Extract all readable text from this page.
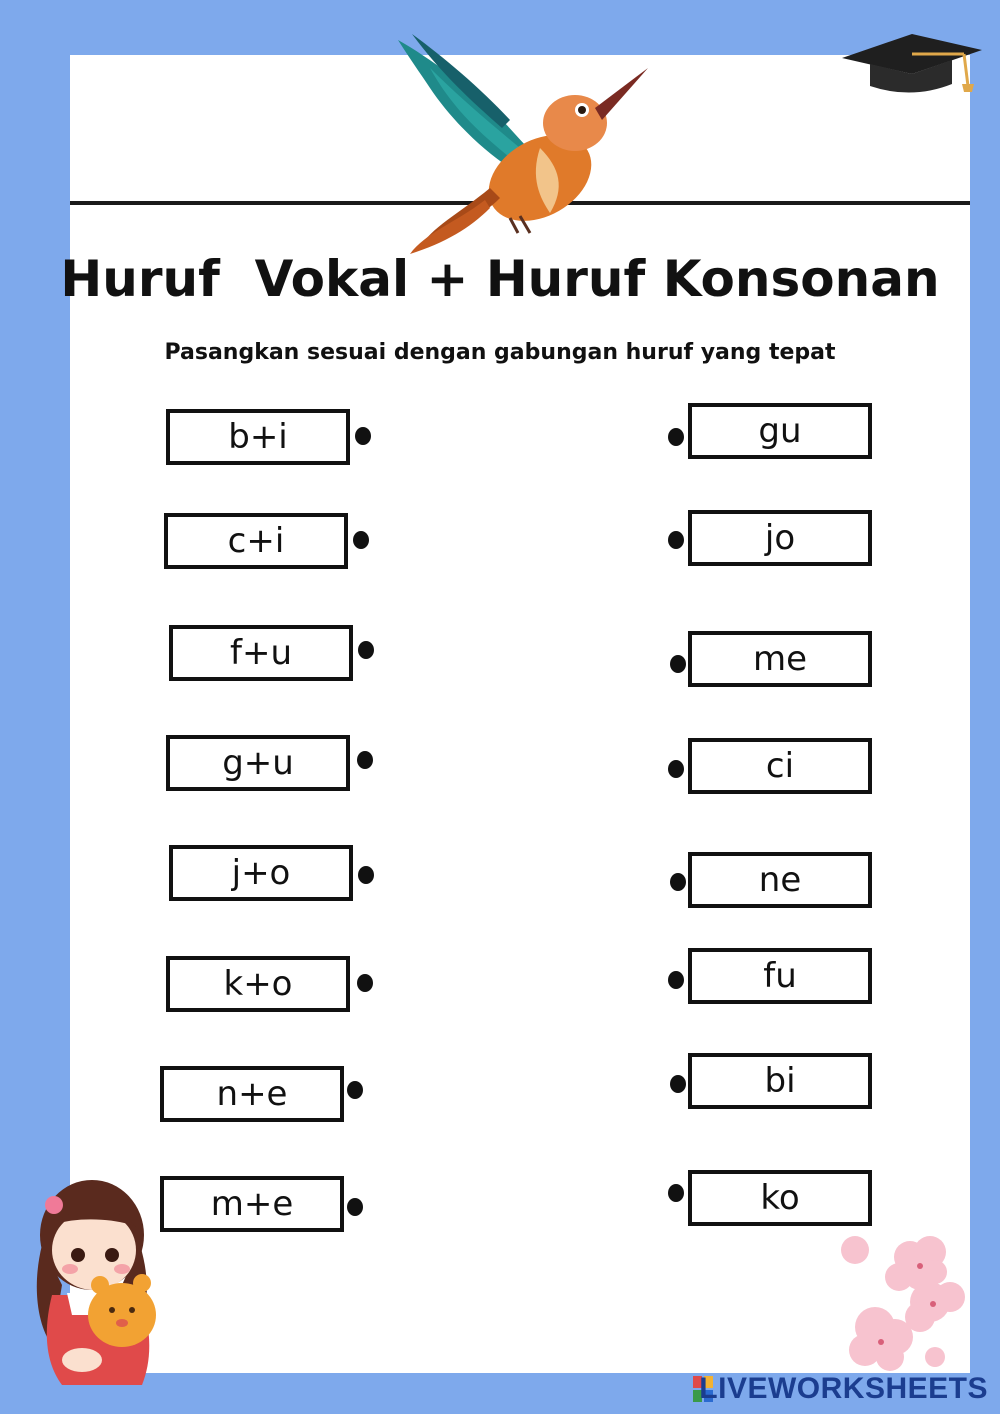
Huruf  Vokal + Huruf Konsonan
Pasangkan sesuai dengan gabungan huruf yang tepat
b+i
c+i
f+u
g+u
j+o
k+o
n+e
m+e
gu
jo
me
ci
ne
fu
bi
ko
LIVEWORKSHEETS
